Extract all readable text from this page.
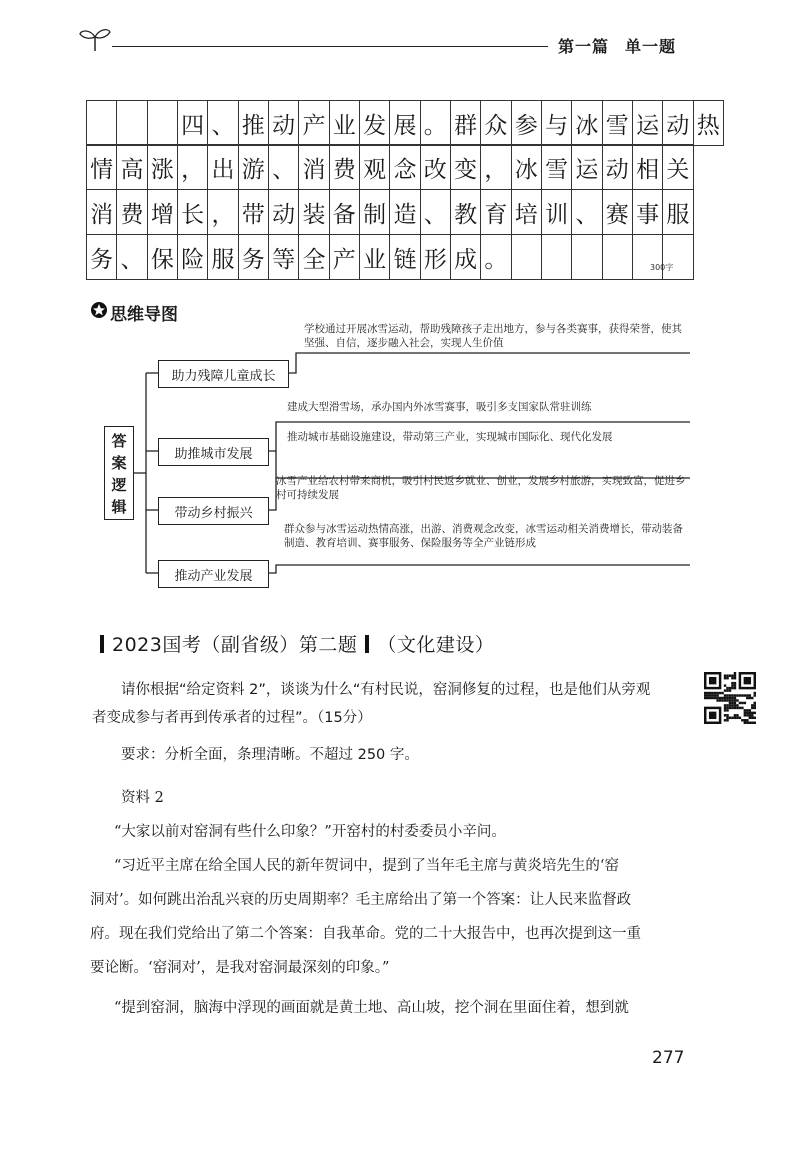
第一篇 单一题
四 、 推 动 产 业 发 展 。 群 众 参 与 冰 雪 运 动 热
情 高 涨 ， 出 游 、 消 费 观 念 改 变 ， 冰 雪 运 动 相 关
消 费 增 长 ， 带 动 装 备 制 造 、 教 育 培 训 、 赛 事 服
务 、 保 险 服 务 等 全 产 业 链 形 成 。	300字
思维导图
答
案
逻
辑
助力残障儿童成长
学校通过开展冰雪运动，帮助残障孩子走出地方，参与各类赛事，获得荣誉，使其坚强、自信，逐步融入社会，实现人生价值
助推城市发展
建成大型滑雪场，承办国内外冰雪赛事，吸引多支国家队常驻训练
推动城市基础设施建设，带动第三产业，实现城市国际化、现代化发展
带动乡村振兴
冰雪产业给农村带来商机，吸引村民返乡就业、创业，发展乡村旅游，实现致富，促进乡村可持续发展
推动产业发展
群众参与冰雪运动热情高涨，出游、消费观念改变，冰雪运动相关消费增长，带动装备制造、教育培训、赛事服务、保险服务等全产业链形成
2023国考（副省级）第二题 （文化建设）
请你根据“给定资料 2”，谈谈为什么“有村民说，窑洞修复的过程，也是他们从旁观
者变成参与者再到传承者的过程”。（15分）
要求：分析全面，条理清晰。不超过 250 字。
资料 2
“大家以前对窑洞有些什么印象？”开窑村的村委委员小辛问。
“习近平主席在给全国人民的新年贺词中，提到了当年毛主席与黄炎培先生的‘窑
洞对’。如何跳出治乱兴衰的历史周期率？毛主席给出了第一个答案：让人民来监督政
府。现在我们党给出了第二个答案：自我革命。党的二十大报告中，也再次提到这一重
要论断。‘窑洞对’，是我对窑洞最深刻的印象。”
“提到窑洞，脑海中浮现的画面就是黄土地、高山坡，挖个洞在里面住着，想到就
277
